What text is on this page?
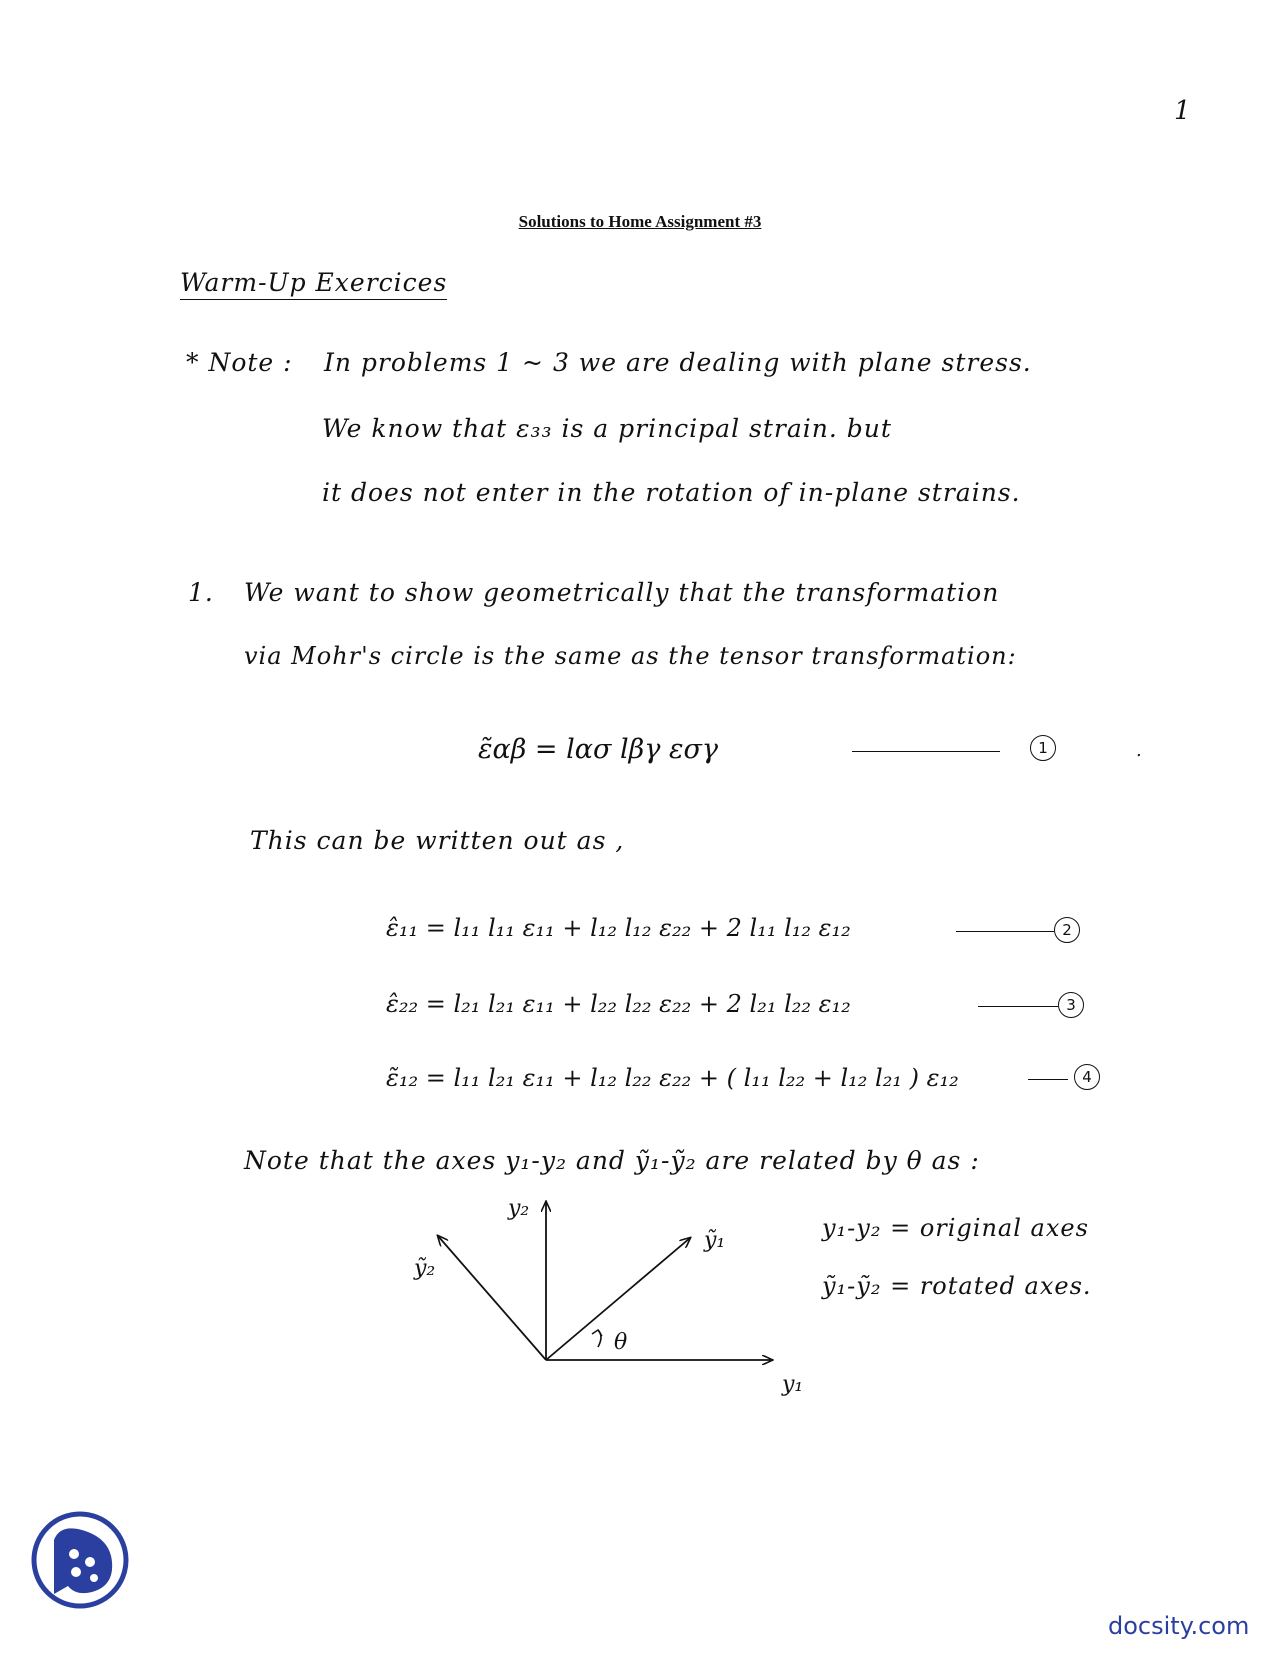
1
Solutions to Home Assignment #3
Warm-Up Exercices
* Note : In problems 1 ~ 3 we are dealing with plane stress.
We know that ε₃₃ is a principal strain. but
it does not enter in the rotation of in-plane strains.
1. We want to show geometrically that the transformation
via Mohr's circle is the same as the tensor transformation:
ε̃αβ = lασ lβγ εσγ	1	.
This can be written out as ,
ε̂₁₁ = l₁₁ l₁₁ ε₁₁ + l₁₂ l₁₂ ε₂₂ + 2 l₁₁ l₁₂ ε₁₂	2
ε̂₂₂ = l₂₁ l₂₁ ε₁₁ + l₂₂ l₂₂ ε₂₂ + 2 l₂₁ l₂₂ ε₁₂	3
ε̃₁₂ = l₁₁ l₂₁ ε₁₁ + l₁₂ l₂₂ ε₂₂ + ( l₁₁ l₂₂ + l₁₂ l₂₁ ) ε₁₂	4
Note that the axes y₁-y₂ and ỹ₁-ỹ₂ are related by θ as :
y₂
ỹ₁
ỹ₂
θ
y₁
y₁-y₂ = original axes
ỹ₁-ỹ₂ = rotated axes.
docsity.com
